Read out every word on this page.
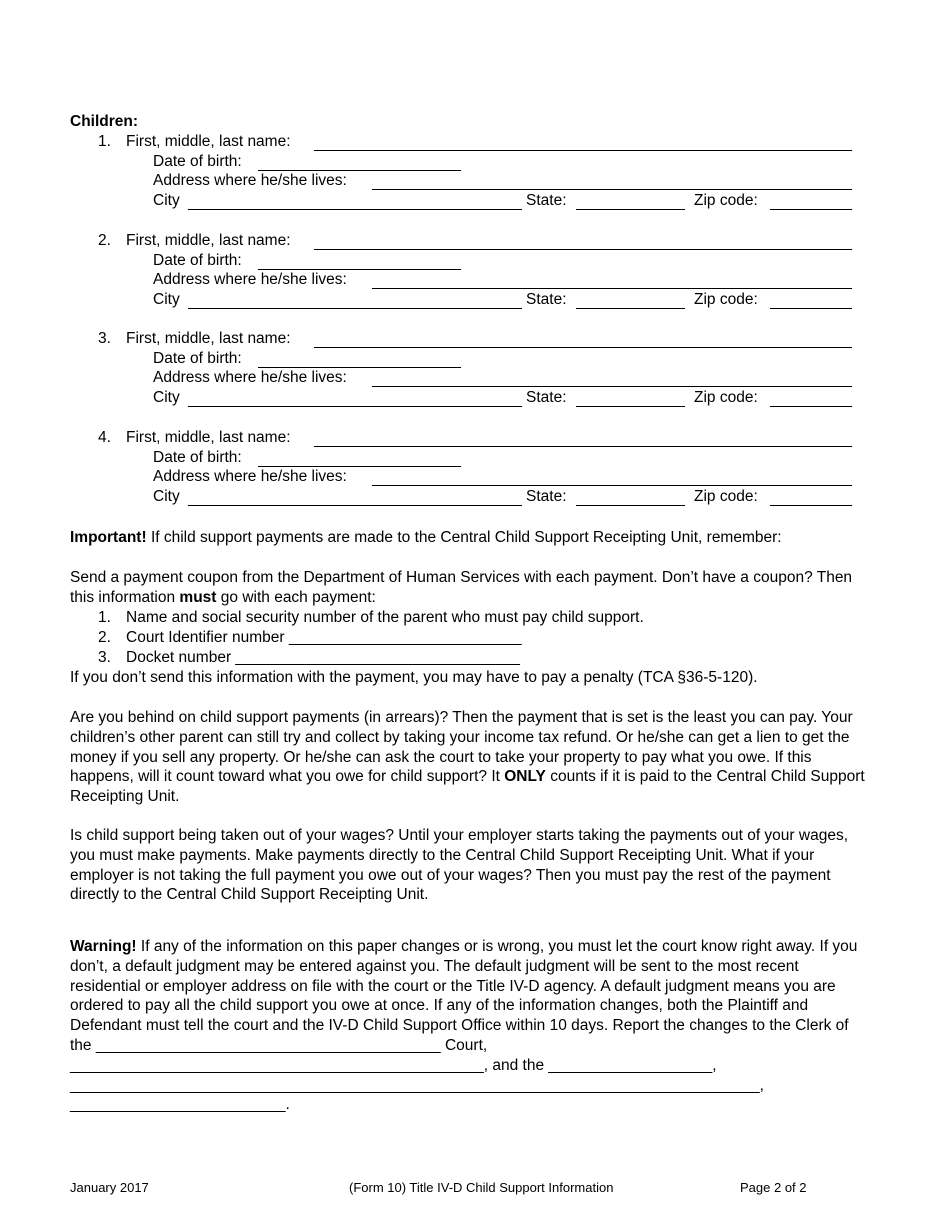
Children:
1. First, middle, last name:
Date of birth:
Address where he/she lives:
City	State:	Zip code:
2. First, middle, last name:
Date of birth:
Address where he/she lives:
City	State:	Zip code:
3. First, middle, last name:
Date of birth:
Address where he/she lives:
City	State:	Zip code:
4. First, middle, last name:
Date of birth:
Address where he/she lives:
City	State:	Zip code:
Important! If child support payments are made to the Central Child Support Receipting Unit, remember:
Send a payment coupon from the Department of Human Services with each payment. Don’t have a coupon? Then this information must go with each payment:
1. Name and social security number of the parent who must pay child support.
2. Court Identifier number ___________________________
3. Docket number _________________________________
If you don’t send this information with the payment, you may have to pay a penalty (TCA §36-5-120).
Are you behind on child support payments (in arrears)? Then the payment that is set is the least you can pay. Your children’s other parent can still try and collect by taking your income tax refund. Or he/she can get a lien to get the money if you sell any property. Or he/she can ask the court to take your property to pay what you owe. If this happens, will it count toward what you owe for child support? It ONLY counts if it is paid to the Central Child Support Receipting Unit.
Is child support being taken out of your wages? Until your employer starts taking the payments out of your wages, you must make payments. Make payments directly to the Central Child Support Receipting Unit. What if your employer is not taking the full payment you owe out of your wages? Then you must pay the rest of the payment directly to the Central Child Support Receipting Unit.
Warning! If any of the information on this paper changes or is wrong, you must let the court know right away. If you don’t, a default judgment may be entered against you. The default judgment will be sent to the most recent residential or employer address on file with the court or the Title IV-D agency. A default judgment means you are ordered to pay all the child support you owe at once. If any of the information changes, both the Plaintiff and Defendant must tell the court and the IV-D Child Support Office within 10 days. Report the changes to the Clerk of the ________________________________________ Court, ________________________________________________, and the ___________________, ________________________________________________________________________________, _________________________.
January 2017	(Form 10) Title IV-D Child Support Information	Page 2 of 2
